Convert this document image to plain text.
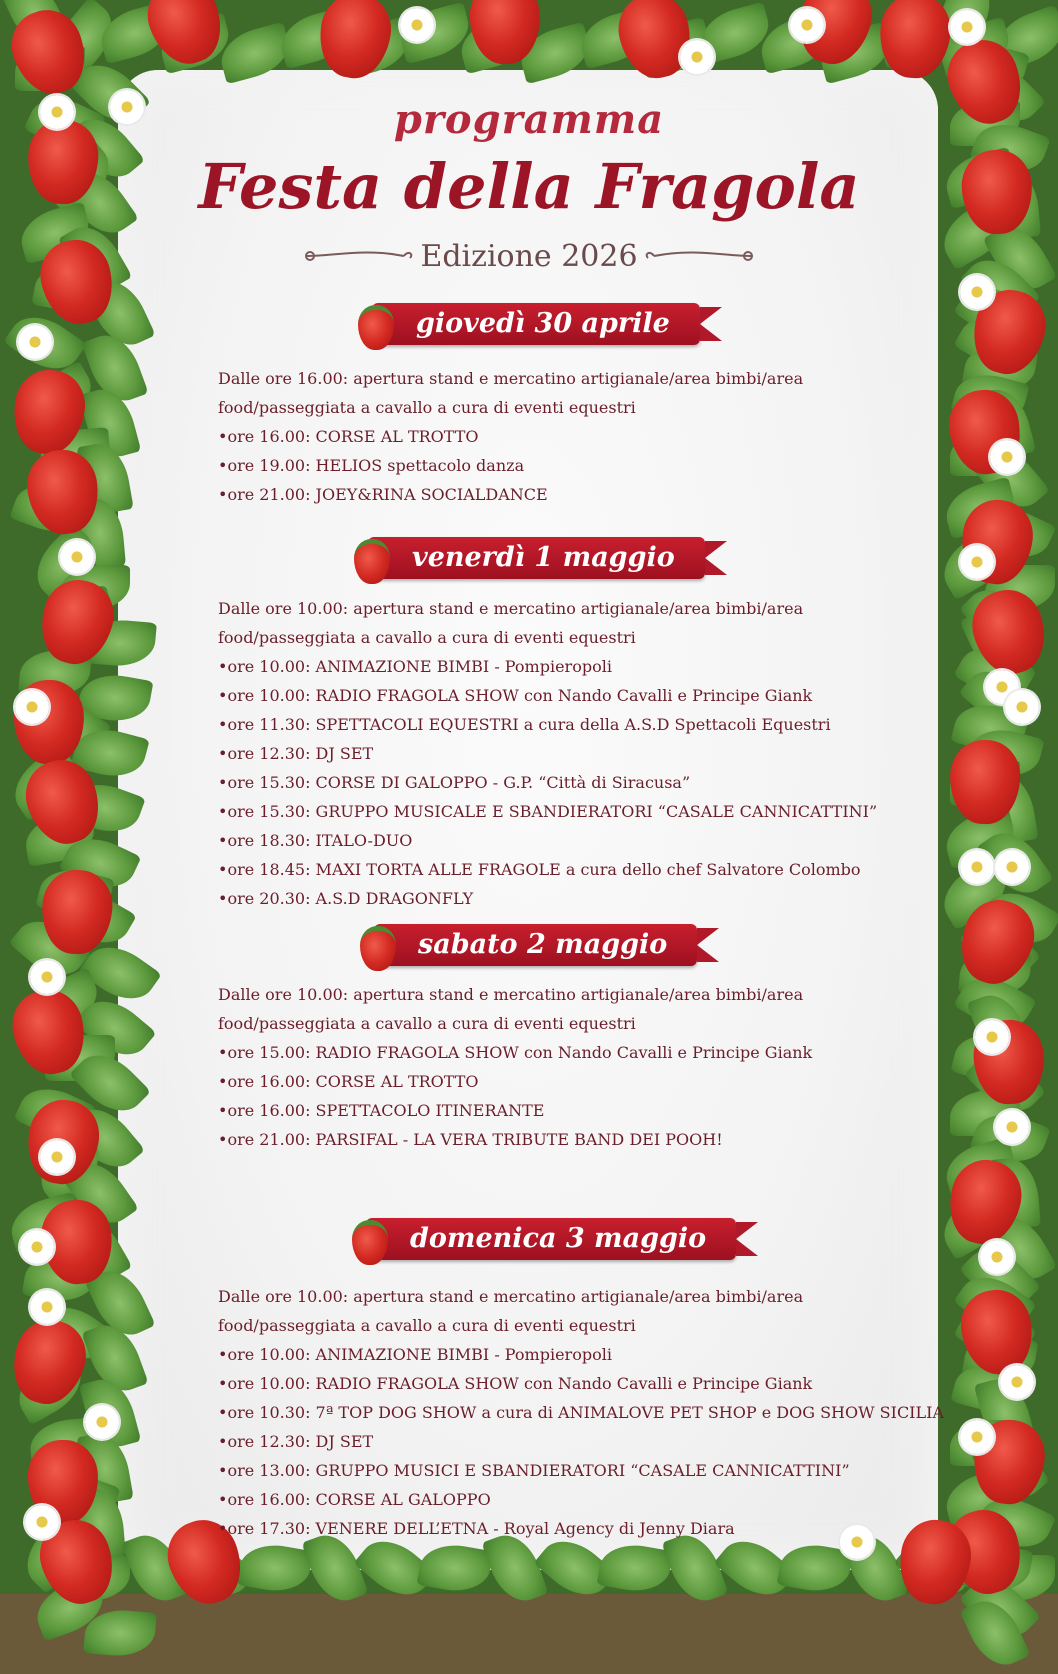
programma
Festa della Fragola
Edizione 2026
giovedì 30 aprile
Dalle ore 16.00: apertura stand e mercatino artigianale/area bimbi/area food/passeggiata a cavallo a cura di eventi equestri
• ore 16.00: CORSE AL TROTTO
• ore 19.00: HELIOS spettacolo danza
• ore 21.00: JOEY&RINA SOCIALDANCE
venerdì 1 maggio
Dalle ore 10.00: apertura stand e mercatino artigianale/area bimbi/area food/passeggiata a cavallo a cura di eventi equestri
• ore 10.00: ANIMAZIONE BIMBI - Pompieropoli
• ore 10.00: RADIO FRAGOLA SHOW con Nando Cavalli e Principe Giank
• ore 11.30: SPETTACOLI EQUESTRI a cura della A.S.D Spettacoli Equestri
• ore 12.30: DJ SET
• ore 15.30: CORSE DI GALOPPO - G.P. “Città di Siracusa”
• ore 15.30: GRUPPO MUSICALE E SBANDIERATORI “CASALE CANNICATTINI”
• ore 18.30: ITALO-DUO
• ore 18.45: MAXI TORTA ALLE FRAGOLE a cura dello chef Salvatore Colombo
• ore 20.30: A.S.D DRAGONFLY
sabato 2 maggio
Dalle ore 10.00: apertura stand e mercatino artigianale/area bimbi/area food/passeggiata a cavallo a cura di eventi equestri
• ore 15.00: RADIO FRAGOLA SHOW con Nando Cavalli e Principe Giank
• ore 16.00: CORSE AL TROTTO
• ore 16.00: SPETTACOLO ITINERANTE
• ore 21.00: PARSIFAL - LA VERA TRIBUTE BAND DEI POOH!
domenica 3 maggio
Dalle ore 10.00: apertura stand e mercatino artigianale/area bimbi/area food/passeggiata a cavallo a cura di eventi equestri
• ore 10.00: ANIMAZIONE BIMBI - Pompieropoli
• ore 10.00: RADIO FRAGOLA SHOW con Nando Cavalli e Principe Giank
• ore 10.30: 7ª TOP DOG SHOW a cura di ANIMALOVE PET SHOP e DOG SHOW SICILIA
• ore 12.30: DJ SET
• ore 13.00: GRUPPO MUSICI E SBANDIERATORI “CASALE CANNICATTINI”
• ore 16.00: CORSE AL GALOPPO
• ore 17.30: VENERE DELL’ETNA - Royal Agency di Jenny Diara
